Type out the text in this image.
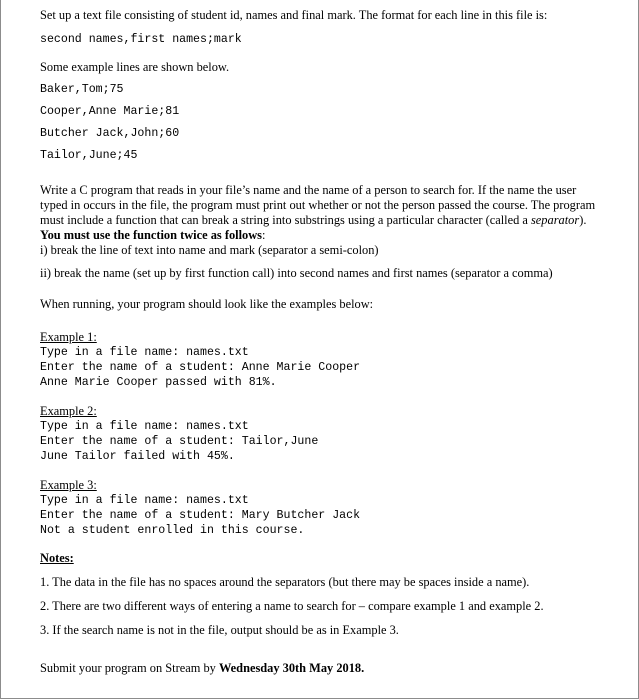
Set up a text file consisting of student id, names and final mark. The format for each line in this file is:

second names,first names;mark

Some example lines are shown below.

Baker,Tom;75

Cooper,Anne Marie;81

Butcher Jack,John;60

Tailor,June;45

Write a C program that reads in your file’s name and the name of a person to search for. If the name the user typed in occurs in the file, the program must print out whether or not the person passed the course. The program must include a function that can break a string into substrings using a particular character (called a separator). You must use the function twice as follows:

i) break the line of text into name and mark (separator a semi-colon)

ii) break the name (set up by first function call) into second names and first names (separator a comma)

When running, your program should look like the examples below:

Example 1:

Type in a file name: names.txt

Enter the name of a student: Anne Marie Cooper

Anne Marie Cooper passed with 81%.

Example 2:

Type in a file name: names.txt

Enter the name of a student: Tailor,June

June Tailor failed with 45%.

Example 3:

Type in a file name: names.txt

Enter the name of a student: Mary Butcher Jack

Not a student enrolled in this course.

Notes:

1. The data in the file has no spaces around the separators (but there may be spaces inside a name).

2. There are two different ways of entering a name to search for – compare example 1 and example 2.

3. If the search name is not in the file, output should be as in Example 3.

Submit your program on Stream by Wednesday 30th May 2018.
